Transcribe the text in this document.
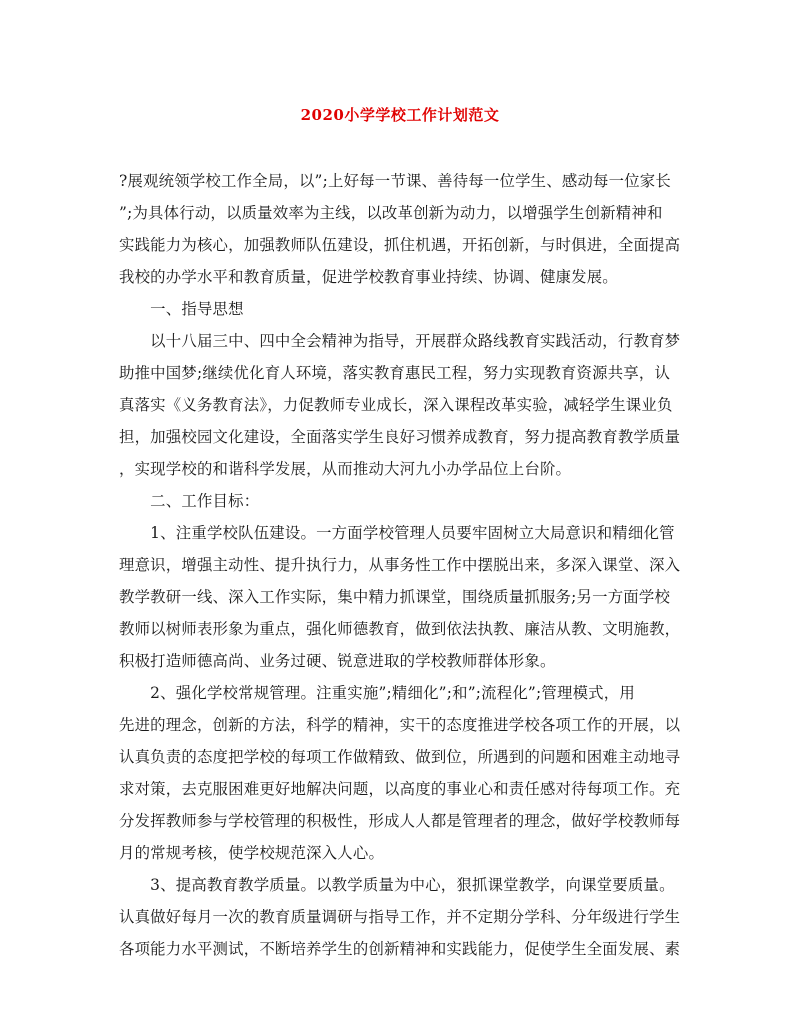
2020小学学校工作计划范文
?展观统领学校工作全局，以”;上好每一节课、善待每一位学生、感动每一位家长
”;为具体行动，以质量效率为主线，以改革创新为动力，以增强学生创新精神和
实践能力为核心，加强教师队伍建设，抓住机遇，开拓创新，与时俱进，全面提高
我校的办学水平和教育质量，促进学校教育事业持续、协调、健康发展。
　　一、指导思想
　　以十八届三中、四中全会精神为指导，开展群众路线教育实践活动，行教育梦
助推中国梦;继续优化育人环境，落实教育惠民工程，努力实现教育资源共享，认
真落实《义务教育法》，力促教师专业成长，深入课程改革实验，减轻学生课业负
担，加强校园文化建设，全面落实学生良好习惯养成教育，努力提高教育教学质量
，实现学校的和谐科学发展，从而推动大河九小办学品位上台阶。
　　二、工作目标：
　　1、注重学校队伍建设。一方面学校管理人员要牢固树立大局意识和精细化管
理意识，增强主动性、提升执行力，从事务性工作中摆脱出来，多深入课堂、深入
教学教研一线、深入工作实际，集中精力抓课堂，围绕质量抓服务;另一方面学校
教师以树师表形象为重点，强化师德教育，做到依法执教、廉洁从教、文明施教，
积极打造师德高尚、业务过硬、锐意进取的学校教师群体形象。
　　2、强化学校常规管理。注重实施”;精细化”;和”;流程化”;管理模式，用
先进的理念，创新的方法，科学的精神，实干的态度推进学校各项工作的开展，以
认真负责的态度把学校的每项工作做精致、做到位，所遇到的问题和困难主动地寻
求对策，去克服困难更好地解决问题，以高度的事业心和责任感对待每项工作。充
分发挥教师参与学校管理的积极性，形成人人都是管理者的理念，做好学校教师每
月的常规考核，使学校规范深入人心。
　　3、提高教育教学质量。以教学质量为中心，狠抓课堂教学，向课堂要质量。
认真做好每月一次的教育质量调研与指导工作，并不定期分学科、分年级进行学生
各项能力水平测试，不断培养学生的创新精神和实践能力，促使学生全面发展、素
